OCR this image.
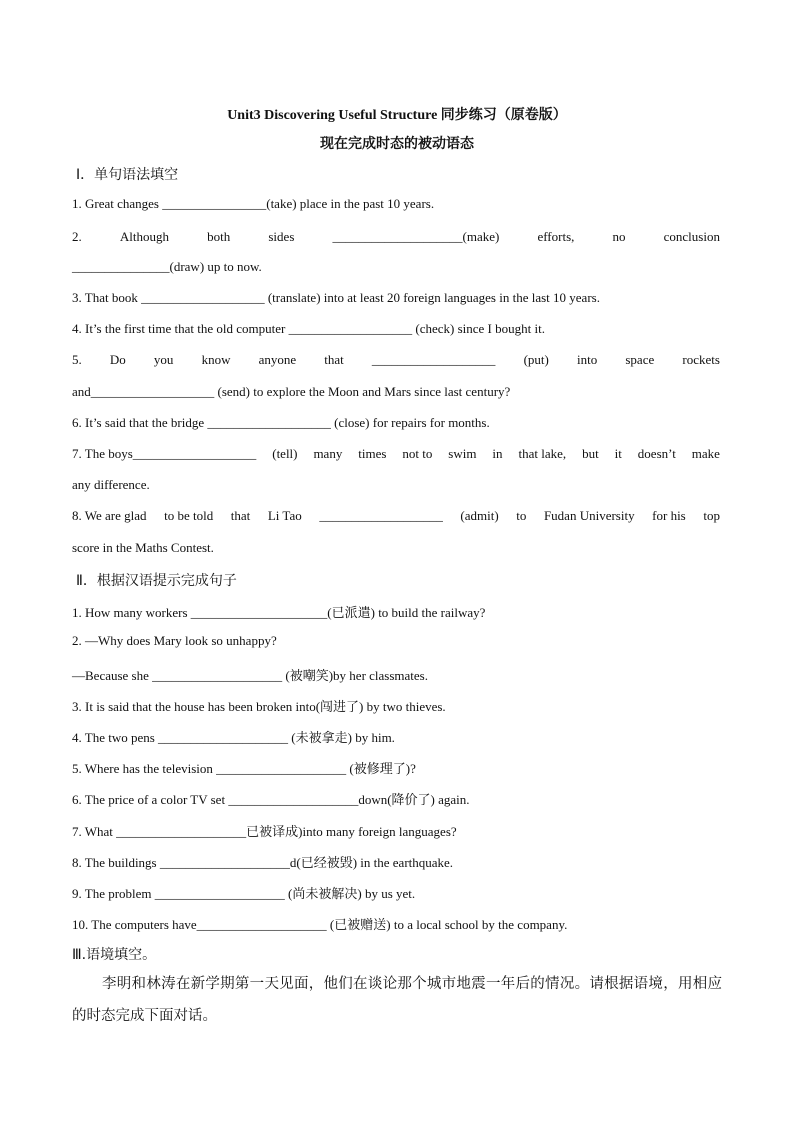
Unit3 Discovering Useful Structure 同步练习（原卷版）
现在完成时态的被动语态
Ⅰ．单句语法填空
1. Great changes ________________(take) place in the past 10 years.
2.	Although	both	sides	____________________(make)	efforts,	no	conclusion
_______________(draw) up to now.
3. That book ___________________ (translate) into at least 20 foreign languages in the last 10 years.
4. It’s the first time that the old computer ___________________ (check) since I bought it.
5. Do you know anyone that ___________________ (put) into space rockets
and___________________ (send) to explore the Moon and Mars since last century?
6. It’s said that the bridge ___________________ (close) for repairs for months.
7. The boys___________________ (tell) many times not to swim in that lake, but it doesn’t make
any difference.
8. We are glad to be told that Li Tao ___________________ (admit) to Fudan University for his top
score in the Maths Contest.
Ⅱ．根据汉语提示完成句子
1. How many workers _____________________(已派遣) to build the railway?
2. —Why does Mary look so unhappy?
—Because she ____________________ (被嘲笑)by her classmates.
3. It is said that the house has been broken into(闯进了) by two thieves.
4. The two pens ____________________ (未被拿走) by him.
5. Where has the television ____________________ (被修理了)?
6. The price of a color TV set ____________________down(降价了) again.
7. What ____________________已被译成)into many foreign languages?
8. The buildings ____________________d(已经被毁) in the earthquake.
9. The problem ____________________ (尚未被解决) by us yet.
10. The computers have____________________ (已被赠送) to a local school by the company.
Ⅲ.语境填空。
李明和林涛在新学期第一天见面，他们在谈论那个城市地震一年后的情况。请根据语境，用相应的时态完成下面对话。
